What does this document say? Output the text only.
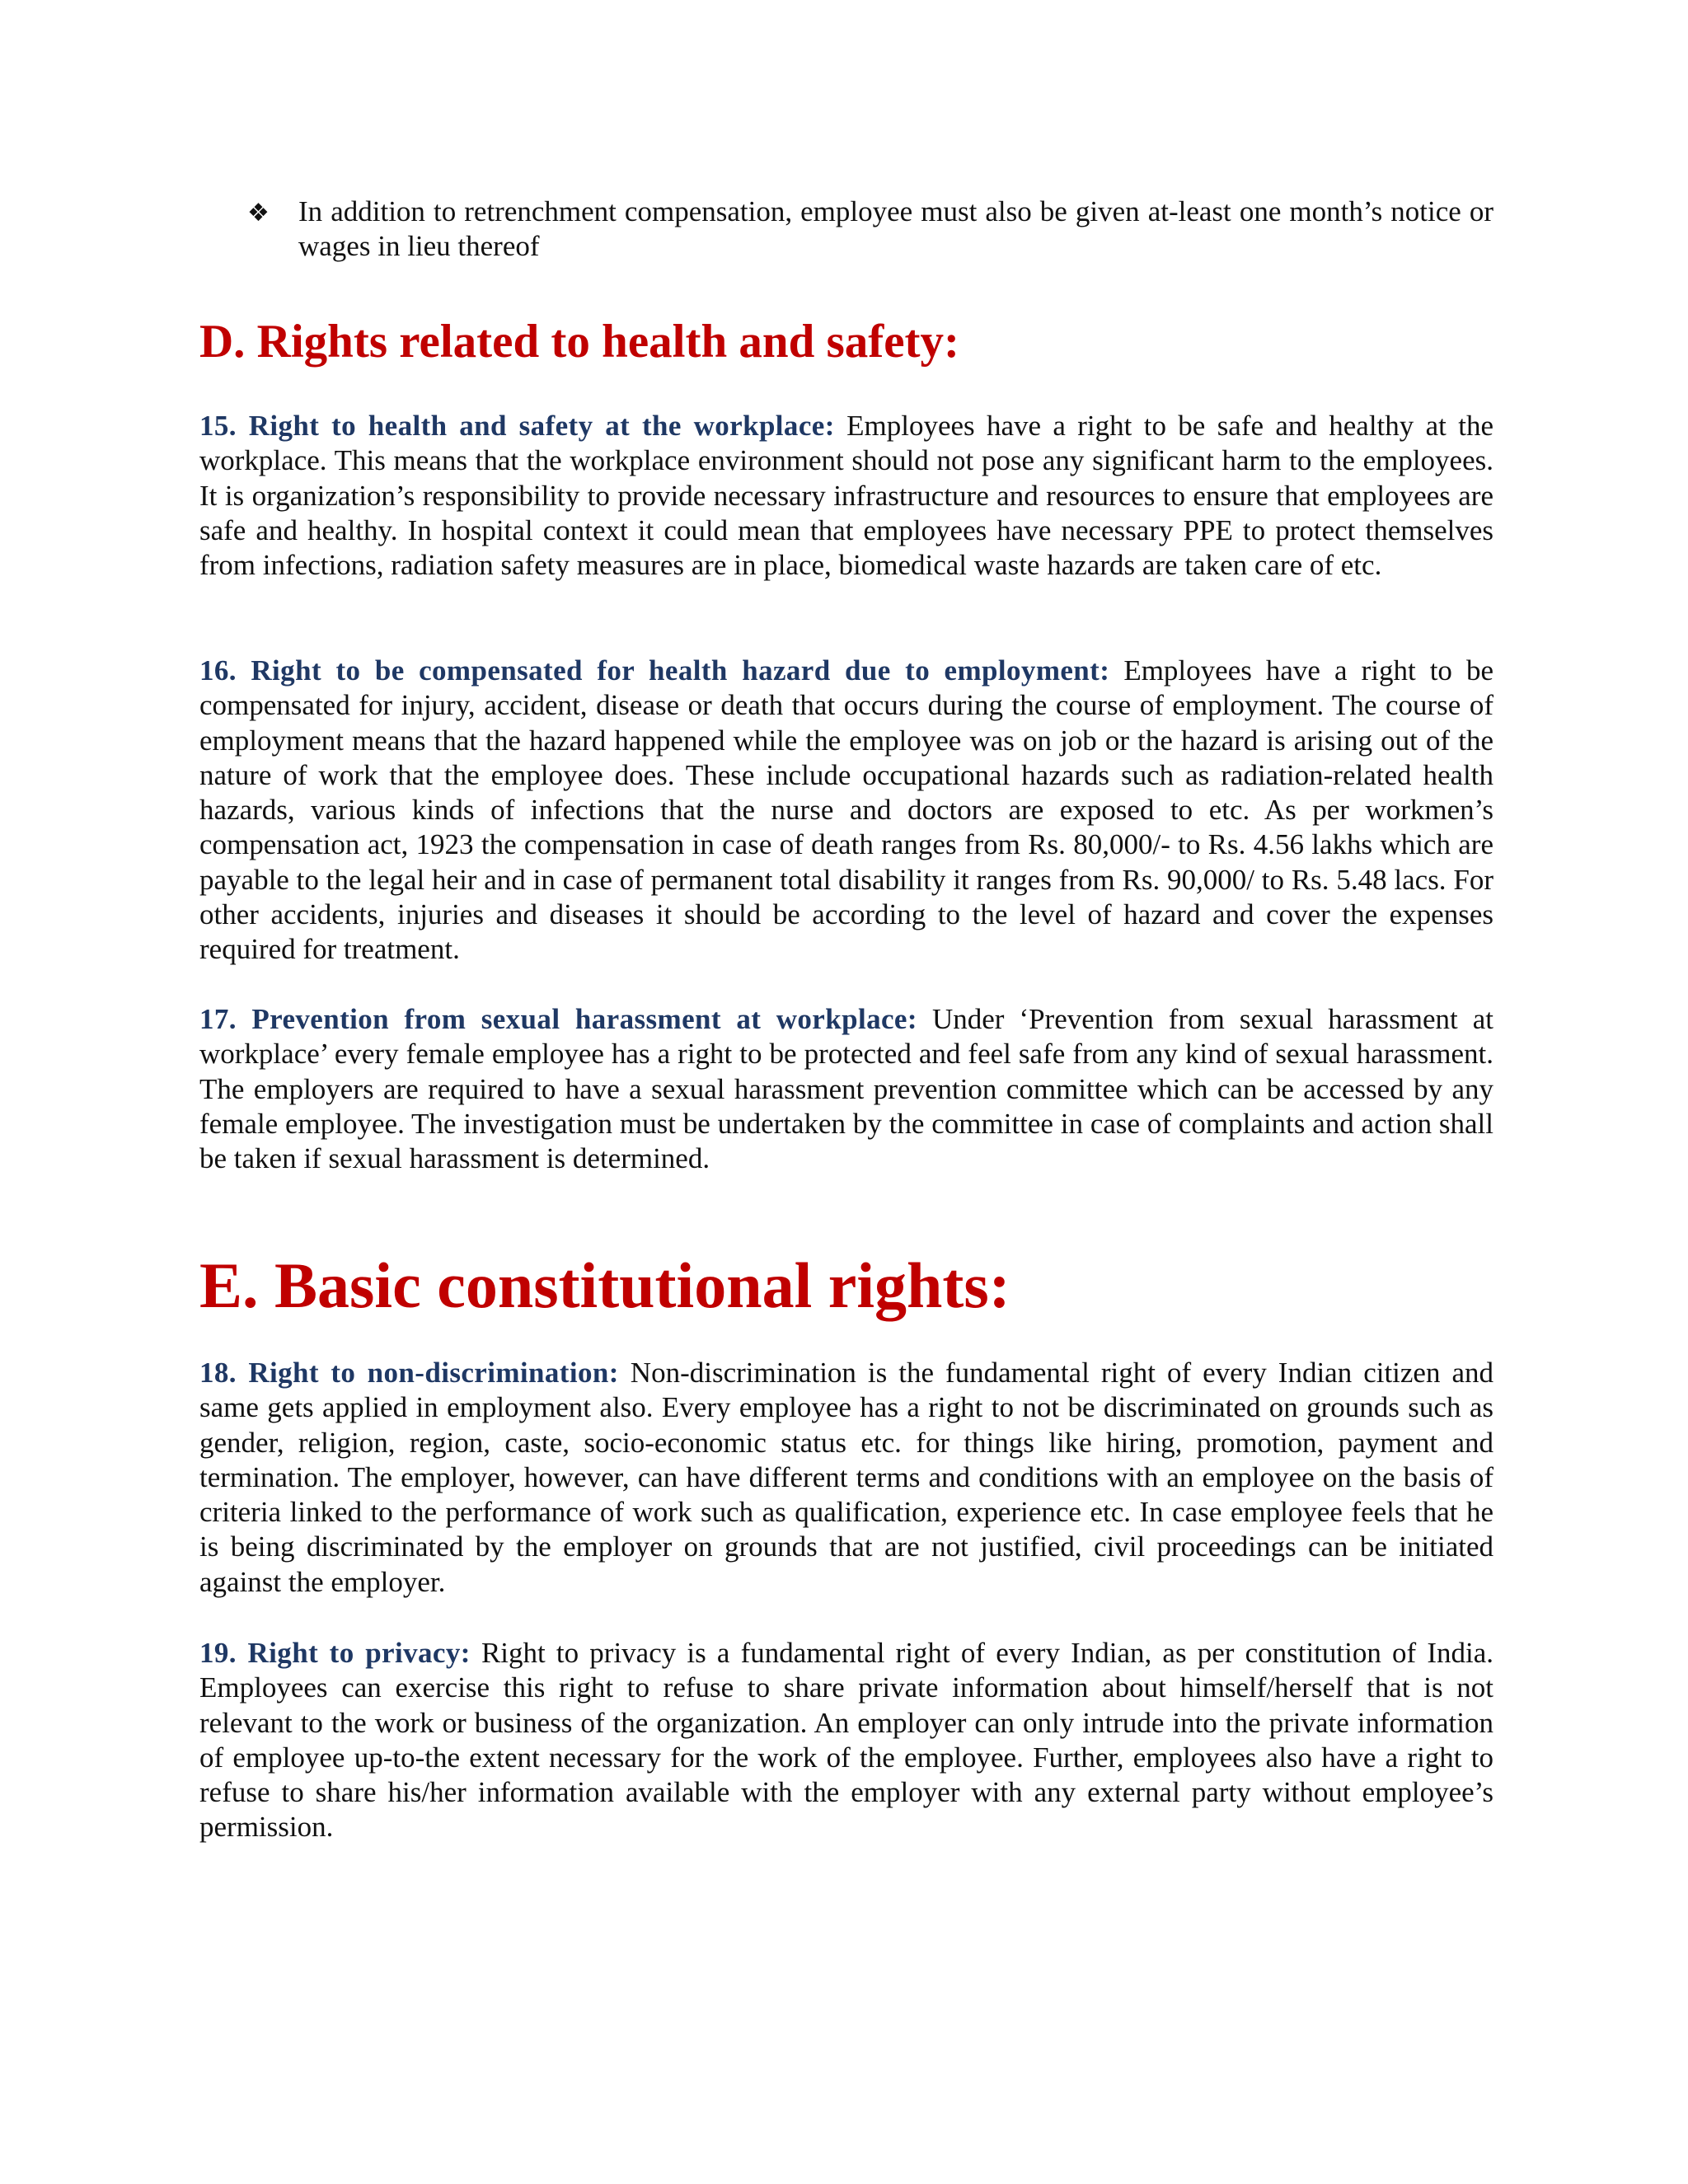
❖	In addition to retrenchment compensation, employee must also be given at-least one month’s notice or wages in lieu thereof
D. Rights related to health and safety:

15. Right to health and safety at the workplace: Employees have a right to be safe and healthy at the workplace. This means that the workplace environment should not pose any significant harm to the employees. It is organization’s responsibility to provide necessary infrastructure and resources to ensure that employees are safe and healthy. In hospital context it could mean that employees have necessary PPE to protect themselves from infections, radiation safety measures are in place, biomedical waste hazards are taken care of etc.

16. Right to be compensated for health hazard due to employment: Employees have a right to be compensated for injury, accident, disease or death that occurs during the course of employment. The course of employment means that the hazard happened while the employee was on job or the hazard is arising out of the nature of work that the employee does. These include occupational hazards such as radiation-related health hazards, various kinds of infections that the nurse and doctors are exposed to etc. As per workmen’s compensation act, 1923 the compensation in case of death ranges from Rs. 80,000/- to Rs. 4.56 lakhs which are payable to the legal heir and in case of permanent total disability it ranges from Rs. 90,000/ to Rs. 5.48 lacs. For other accidents, injuries and diseases it should be according to the level of hazard and cover the expenses required for treatment.

17. Prevention from sexual harassment at workplace: Under ‘Prevention from sexual harassment at workplace’ every female employee has a right to be protected and feel safe from any kind of sexual harassment. The employers are required to have a sexual harassment prevention committee which can be accessed by any female employee. The investigation must be undertaken by the committee in case of complaints and action shall be taken if sexual harassment is determined.

E. Basic constitutional rights:

18. Right to non-discrimination: Non-discrimination is the fundamental right of every Indian citizen and same gets applied in employment also. Every employee has a right to not be discriminated on grounds such as gender, religion, region, caste, socio-economic status etc. for things like hiring, promotion, payment and termination. The employer, however, can have different terms and conditions with an employee on the basis of criteria linked to the performance of work such as qualification, experience etc. In case employee feels that he is being discriminated by the employer on grounds that are not justified, civil proceedings can be initiated against the employer.

19. Right to privacy: Right to privacy is a fundamental right of every Indian, as per constitution of India. Employees can exercise this right to refuse to share private information about himself/herself that is not relevant to the work or business of the organization. An employer can only intrude into the private information of employee up-to-the extent necessary for the work of the employee. Further, employees also have a right to refuse to share his/her information available with the employer with any external party without employee’s permission.
